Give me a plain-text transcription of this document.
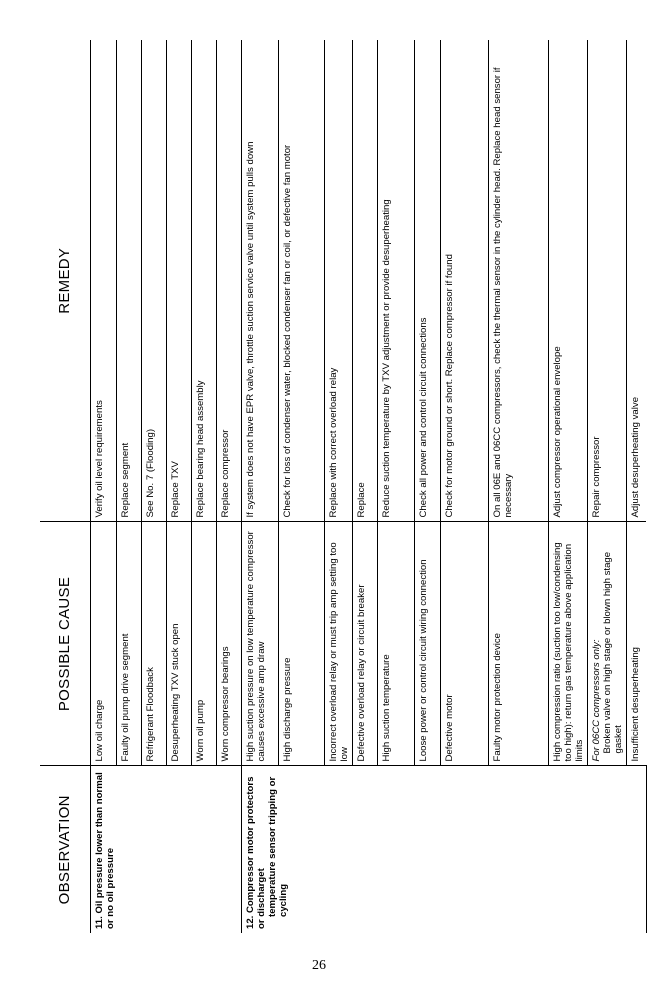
OBSERVATION	POSSIBLE CAUSE	REMEDY
11. Oil pressure lower than normal or no oil pressure	Low oil charge	Verify oil level requirements
	Faulty oil pump drive segment	Replace segment
	Refrigerant Floodback	See No. 7 (Flooding)
	Desuperheating TXV stuck open	Replace TXV
	Worn oil pump	Replace bearing head assembly
	Worn compressor bearings	Replace compressor
12. Compressor motor protectors or discharget temperature sensor tripping or cycling	High suction pressure on low temperature compressor causes excessive amp draw	If system does not have EPR valve, throttle suction service valve until system pulls down
	High discharge pressure	Check for loss of condenser water, blocked condenser fan or coil, or defective fan motor
	Incorrect overload relay or must trip amp setting too low	Replace with correct overload relay
	Defective overload relay or circuit breaker	Replace
	High suction temperature	Reduce suction temperature by TXV adjustment or provide desuperheating
	Loose power or control circuit wiring connection	Check all power and control circuit connections
	Defective motor	Check for motor ground or short. Replace compressor if found
	Faulty motor protection device	On all 06E and 06CC compressors, check the thermal sensor in the cylinder head. Replace head sensor if necessary
	High compression ratio (suction too low/condensing too high): return gas temperature above application limits	Adjust compressor operational envelope

	For 06CC compressors only: Broken valve on high stage or blown high stage gasket	Repair compressor
	Insufficient desuperheating	Adjust desuperheating valve
26
